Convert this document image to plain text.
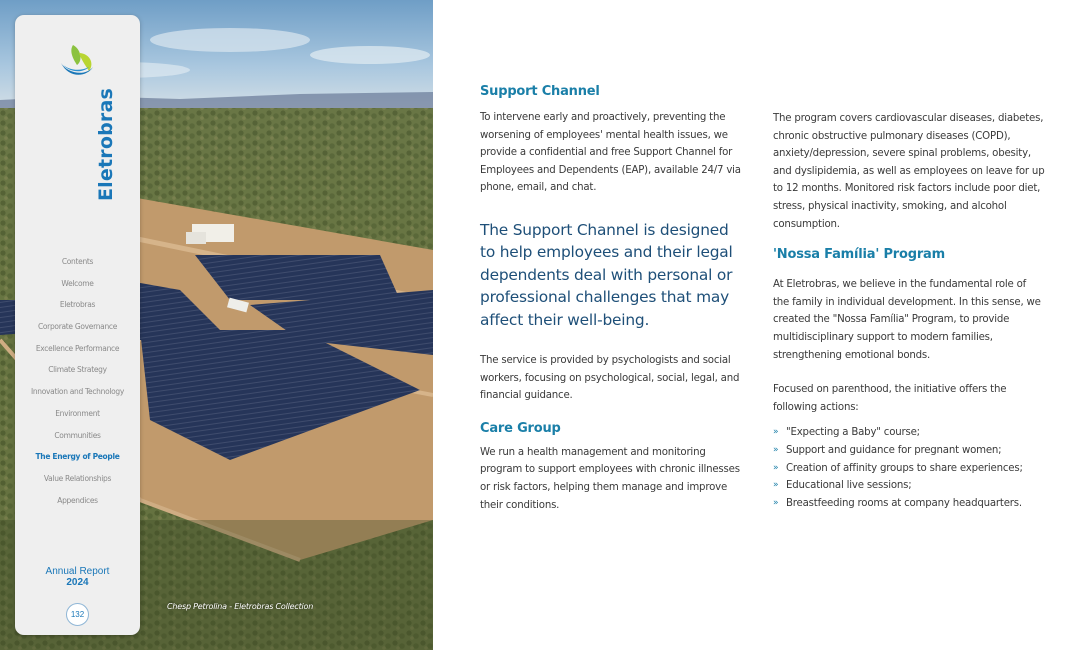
Chesp Petrolina - Eletrobras Collection
Eletrobras
Contents
Welcome
Eletrobras
Corporate Governance
Excellence Performance
Climate Strategy
Innovation and Technology
Environment
Communities
The Energy of People
Value Relationships
Appendices
Annual Report
2024
132
Support Channel

To intervene early and proactively, preventing the worsening of employees' mental health issues, we provide a confidential and free Support Channel for Employees and Dependents (EAP), available 24/7 via phone, email, and chat.

The Support Channel is designed to help employees and their legal dependents deal with personal or professional challenges that may affect their well-being.

The service is provided by psychologists and social workers, focusing on psychological, social, legal, and financial guidance.

Care Group

We run a health management and monitoring program to support employees with chronic illnesses or risk factors, helping them manage and improve their conditions.

The program covers cardiovascular diseases, diabetes, chronic obstructive pulmonary diseases (COPD), anxiety/depression, severe spinal problems, obesity, and dyslipidemia, as well as employees on leave for up to 12 months. Monitored risk factors include poor diet, stress, physical inactivity, smoking, and alcohol consumption.

'Nossa Família' Program

At Eletrobras, we believe in the fundamental role of the family in individual development. In this sense, we created the "Nossa Família" Program, to provide multidisciplinary support to modern families, strengthening emotional bonds.

Focused on parenthood, the initiative offers the following actions:

» "Expecting a Baby" course;
» Support and guidance for pregnant women;
» Creation of affinity groups to share experiences;
» Educational live sessions;
» Breastfeeding rooms at company headquarters.
